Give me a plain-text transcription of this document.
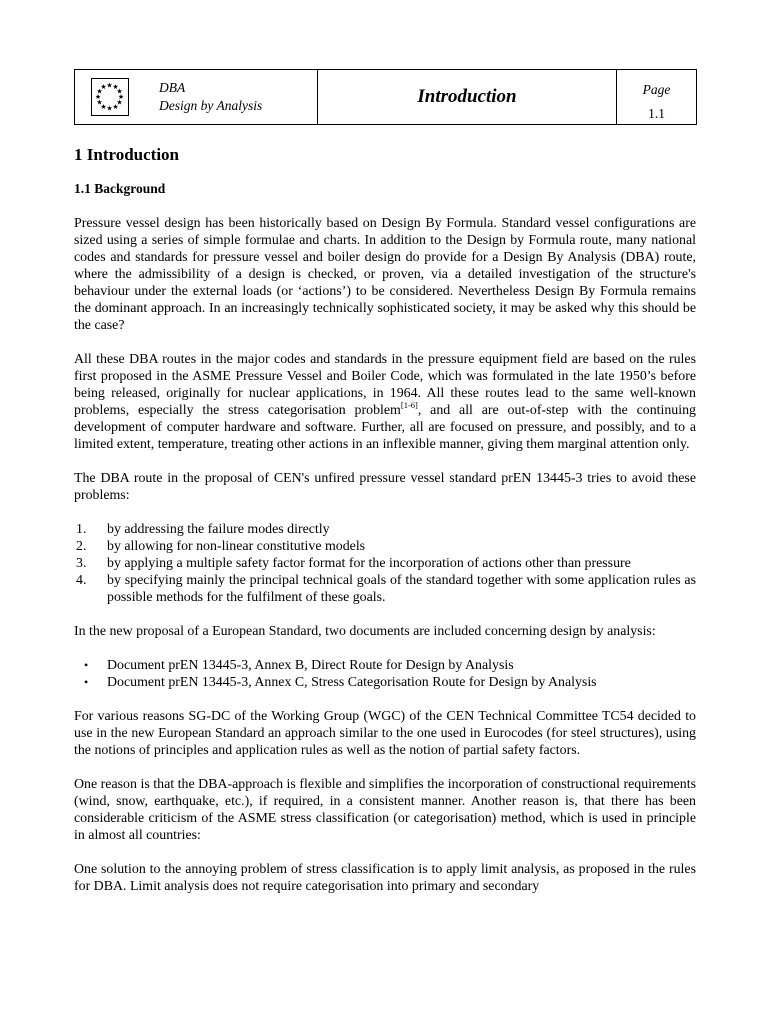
★ ★
★
★
★
★
★
★
★
★
★
★	DBA
Design by Analysis	Introduction	Page
1.1
1 Introduction
1.1 Background

Pressure vessel design has been historically based on Design By Formula. Standard vessel configurations are sized using a series of simple formulae and charts. In addition to the Design by Formula route, many national codes and standards for pressure vessel and boiler design do provide for a Design By Analysis (DBA) route, where the admissibility of a design is checked, or proven, via a detailed investigation of the structure's behaviour under the external loads (or ‘actions’) to be considered. Nevertheless Design By Formula remains the dominant approach. In an increasingly technically sophisticated society, it may be asked why this should be the case?

All these DBA routes in the major codes and standards in the pressure equipment field are based on the rules first proposed in the ASME Pressure Vessel and Boiler Code, which was formulated in the late 1950’s before being released, originally for nuclear applications, in 1964. All these routes lead to the same well-known problems, especially the stress categorisation problem[1-6], and all are out-of-step with the continuing development of computer hardware and software. Further, all are focused on pressure, and possibly, and to a limited extent, temperature, treating other actions in an inflexible manner, giving them marginal attention only.

The DBA route in the proposal of CEN's unfired pressure vessel standard prEN 13445-3 tries to avoid these problems:

1. by addressing the failure modes directly
2. by allowing for non-linear constitutive models
3. by applying a multiple safety factor format for the incorporation of actions other than pressure
4. by specifying mainly the principal technical goals of the standard together with some application rules as possible methods for the fulfilment of these goals.

In the new proposal of a European Standard, two documents are included concerning design by analysis:

• Document prEN 13445-3, Annex B, Direct Route for Design by Analysis
• Document prEN 13445-3, Annex C, Stress Categorisation Route for Design by Analysis

For various reasons SG-DC of the Working Group (WGC) of the CEN Technical Committee TC54 decided to use in the new European Standard an approach similar to the one used in Eurocodes (for steel structures), using the notions of principles and application rules as well as the notion of partial safety factors.

One reason is that the DBA-approach is flexible and simplifies the incorporation of constructional requirements (wind, snow, earthquake, etc.), if required, in a consistent manner. Another reason is, that there has been considerable criticism of the ASME stress classification (or categorisation) method, which is used in principle in almost all countries:

One solution to the annoying problem of stress classification is to apply limit analysis, as proposed in the rules for DBA. Limit analysis does not require categorisation into primary and secondary
